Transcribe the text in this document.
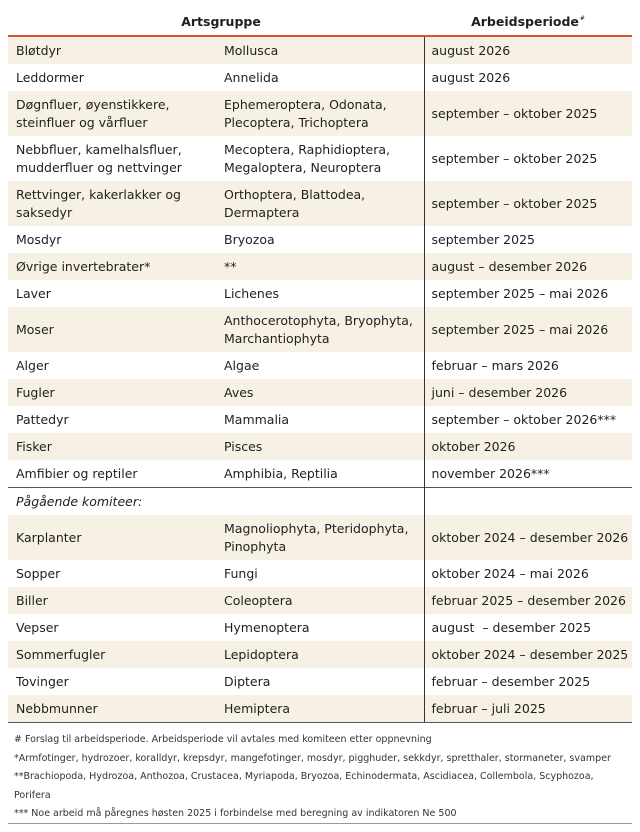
Artsgruppe		Arbeidsperiode#
Bløtdyr	Mollusca	august 2026
Leddormer	Annelida	august 2026
Døgnfluer, øyenstikkere, steinfluer og vårfluer	Ephemeroptera, Odonata, Plecoptera, Trichoptera	september – oktober 2025
Nebbfluer, kamelhalsfluer, mudderfluer og nettvinger	Mecoptera, Raphidioptera, Megaloptera, Neuroptera	september – oktober 2025
Rettvinger, kakerlakker og saksedyr	Orthoptera, Blattodea, Dermaptera	september – oktober 2025
Mosdyr	Bryozoa	september 2025
Øvrige invertebrater*	**	august – desember 2026
Laver	Lichenes	september 2025 – mai 2026
Moser	Anthocerotophyta, Bryophyta, Marchantiophyta	september 2025 – mai 2026
Alger	Algae	februar – mars 2026
Fugler	Aves	juni – desember 2026
Pattedyr	Mammalia	september – oktober 2026***
Fisker	Pisces	oktober 2026
Amfibier og reptiler	Amphibia, Reptilia	november 2026***
Pågående komiteer:		
Karplanter	Magnoliophyta, Pteridophyta, Pinophyta	oktober 2024 – desember 2026
Sopper	Fungi	oktober 2024 – mai 2026
Biller	Coleoptera	februar 2025 – desember 2026
Vepser	Hymenoptera	august  – desember 2025
Sommerfugler	Lepidoptera	oktober 2024 – desember 2025
Tovinger	Diptera	februar – desember 2025
Nebbmunner	Hemiptera	februar – juli 2025
# Forslag til arbeidsperiode. Arbeidsperiode vil avtales med komiteen etter oppnevning
*Armfotinger, hydrozoer, koralldyr, krepsdyr, mangefotinger, mosdyr, pigghuder, sekkdyr, spretthaler, stormaneter, svamper
**Brachiopoda, Hydrozoa, Anthozoa, Crustacea, Myriapoda, Bryozoa, Echinodermata, Ascidiacea, Collembola, Scyphozoa, Porifera
*** Noe arbeid må påregnes høsten 2025 i forbindelse med beregning av indikatoren Ne 500
